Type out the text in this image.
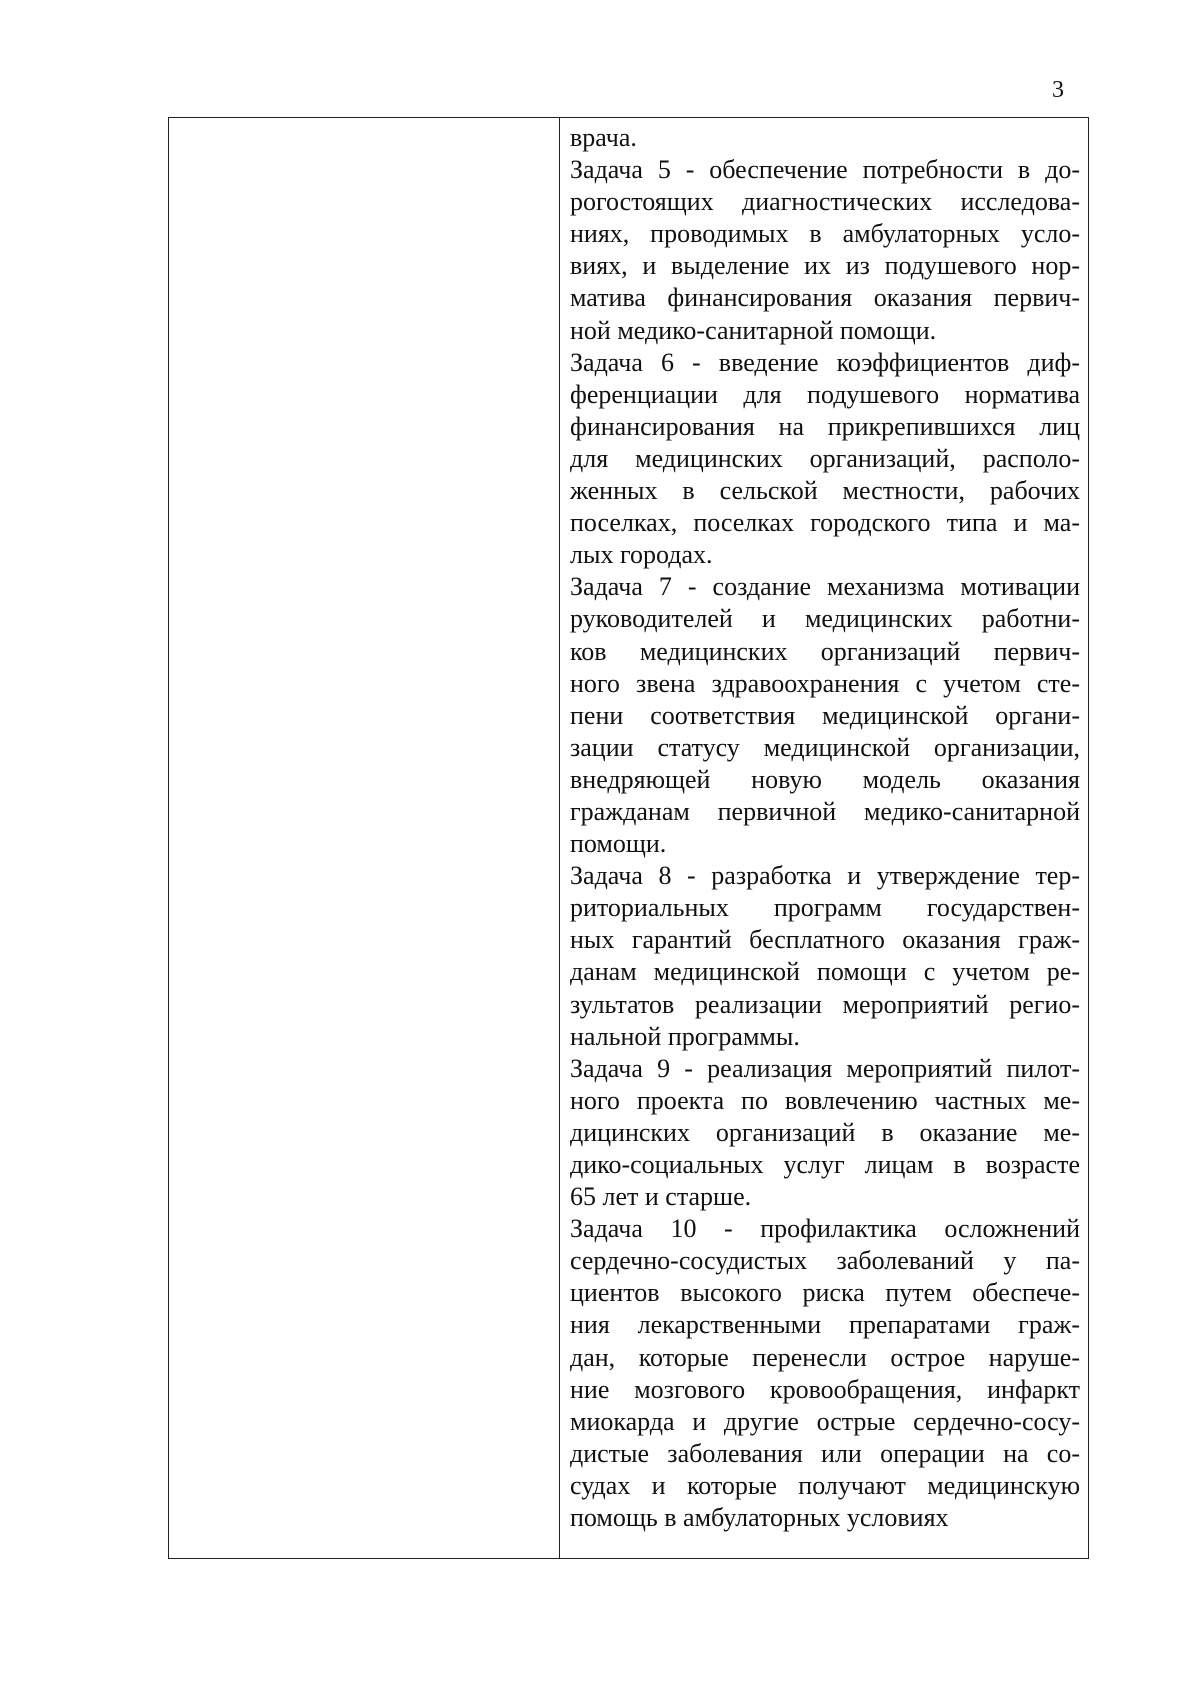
3
врача.
Задача 5 - обеспечение потребности в до-
рогостоящих диагностических исследова-
ниях, проводимых в амбулаторных усло-
виях, и выделение их из подушевого нор-
матива финансирования оказания первич-
ной медико-санитарной помощи.
Задача 6 - введение коэффициентов диф-
ференциации для подушевого норматива
финансирования на прикрепившихся лиц
для медицинских организаций, располо-
женных в сельской местности, рабочих
поселках, поселках городского типа и ма-
лых городах.
Задача 7 - создание механизма мотивации
руководителей и медицинских работни-
ков медицинских организаций первич-
ного звена здравоохранения с учетом сте-
пени соответствия медицинской органи-
зации статусу медицинской организации,
внедряющей новую модель оказания
гражданам первичной медико-санитарной
помощи.
Задача 8 - разработка и утверждение тер-
риториальных программ государствен-
ных гарантий бесплатного оказания граж-
данам медицинской помощи с учетом ре-
зультатов реализации мероприятий регио-
нальной программы.
Задача 9 - реализация мероприятий пилот-
ного проекта по вовлечению частных ме-
дицинских организаций в оказание ме-
дико-социальных услуг лицам в возрасте
65 лет и старше.
Задача 10 - профилактика осложнений
сердечно-сосудистых заболеваний у па-
циентов высокого риска путем обеспече-
ния лекарственными препаратами граж-
дан, которые перенесли острое наруше-
ние мозгового кровообращения, инфаркт
миокарда и другие острые сердечно-сосу-
дистые заболевания или операции на со-
судах и которые получают медицинскую
помощь в амбулаторных условиях
